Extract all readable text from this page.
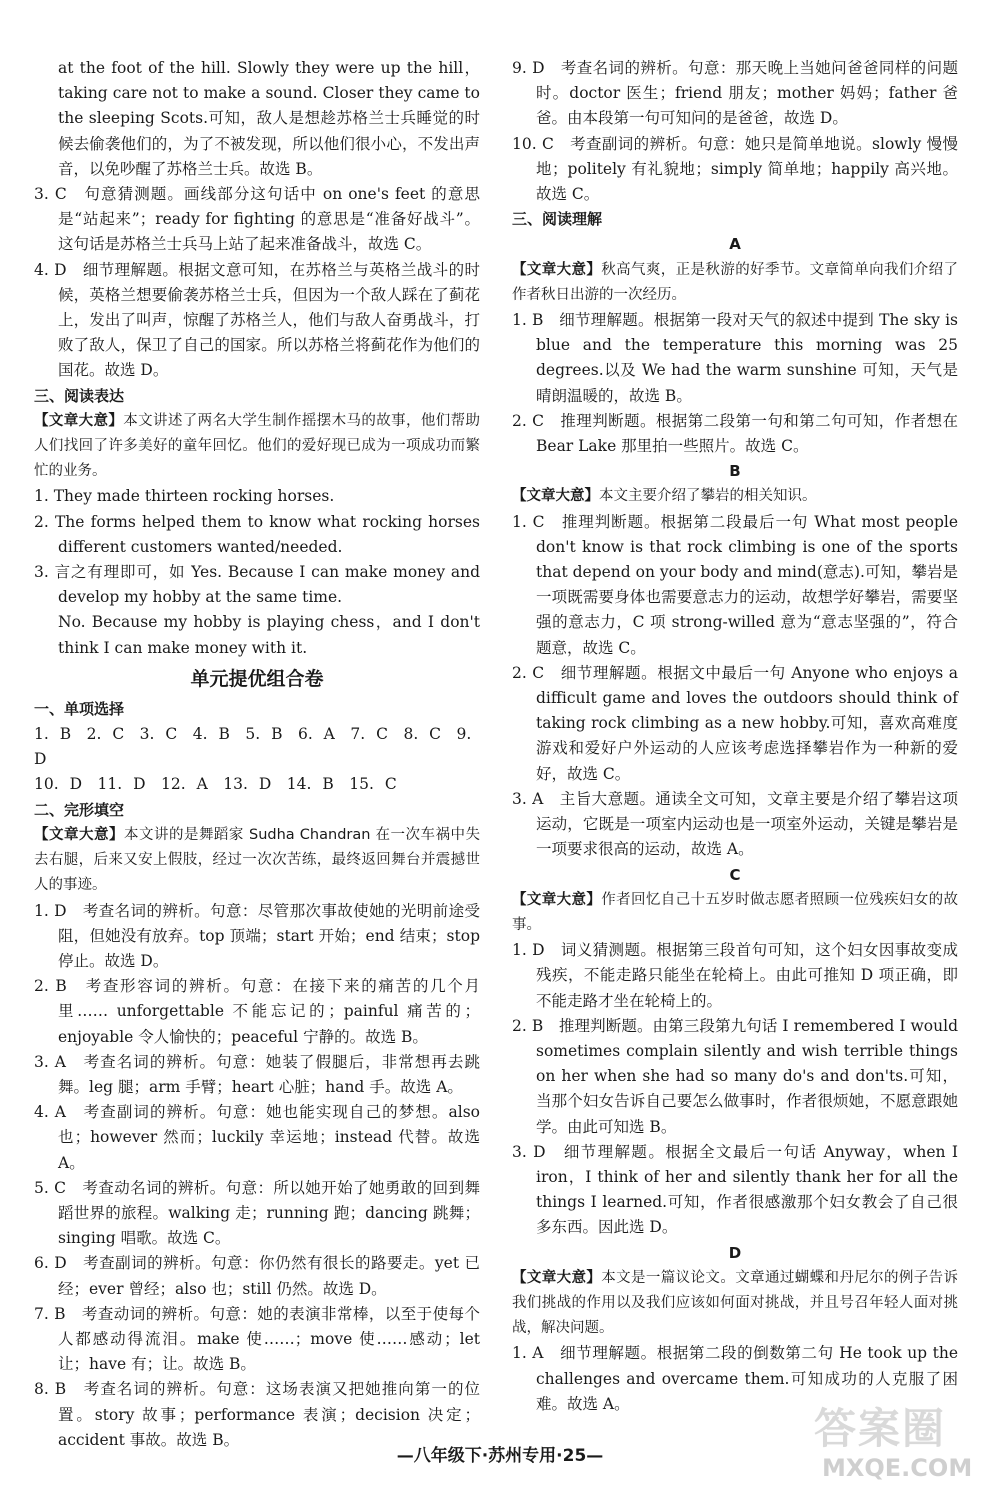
at the foot of the hill. Slowly they were up the hill，taking care not to make a sound. Closer they came to the sleeping Scots.可知，敌人是想趁苏格兰士兵睡觉的时候去偷袭他们的，为了不被发现，所以他们很小心，不发出声音，以免吵醒了苏格兰士兵。故选 B。

3. C　句意猜测题。画线部分这句话中 on one's feet 的意思是“站起来”；ready for fighting 的意思是“准备好战斗”。这句话是苏格兰士兵马上站了起来准备战斗，故选 C。

4. D　细节理解题。根据文意可知，在苏格兰与英格兰战斗的时候，英格兰想要偷袭苏格兰士兵，但因为一个敌人踩在了蓟花上，发出了叫声，惊醒了苏格兰人，他们与敌人奋勇战斗，打败了敌人，保卫了自己的国家。所以苏格兰将蓟花作为他们的国花。故选 D。

三、阅读表达

【文章大意】本文讲述了两名大学生制作摇摆木马的故事，他们帮助人们找回了许多美好的童年回忆。他们的爱好现已成为一项成功而繁忙的业务。

1. They made thirteen rocking horses.

2. The forms helped them to know what rocking horses different customers wanted/needed.

3. 言之有理即可，如 Yes. Because I can make money and develop my hobby at the same time.

No. Because my hobby is playing chess，and I don't think I can make money with it.

单元提优组合卷

一、单项选择

1. B　2. C　3. C　4. B　5. B　6. A　7. C　8. C　9. D

10. D　11. D　12. A　13. D　14. B　15. C

二、完形填空

【文章大意】本文讲的是舞蹈家 Sudha Chandran 在一次车祸中失去右腿，后来又安上假肢，经过一次次苦练，最终返回舞台并震撼世人的事迹。

1. D　考查名词的辨析。句意：尽管那次事故使她的光明前途受阻，但她没有放弃。top 顶端；start 开始；end 结束；stop 停止。故选 D。

2. B　考查形容词的辨析。句意：在接下来的痛苦的几个月里…… unforgettable 不能忘记的；painful 痛苦的；enjoyable 令人愉快的；peaceful 宁静的。故选 B。

3. A　考查名词的辨析。句意：她装了假腿后，非常想再去跳舞。leg 腿；arm 手臂；heart 心脏；hand 手。故选 A。

4. A　考查副词的辨析。句意：她也能实现自己的梦想。also 也；however 然而；luckily 幸运地；instead 代替。故选 A。

5. C　考查动名词的辨析。句意：所以她开始了她勇敢的回到舞蹈世界的旅程。walking 走；running 跑；dancing 跳舞；singing 唱歌。故选 C。

6. D　考查副词的辨析。句意：你仍然有很长的路要走。yet 已经；ever 曾经；also 也；still 仍然。故选 D。

7. B　考查动词的辨析。句意：她的表演非常棒，以至于使每个人都感动得流泪。make 使……；move 使……感动；let 让；have 有；让。故选 B。

8. B　考查名词的辨析。句意：这场表演又把她推向第一的位置。story 故事；performance 表演；decision 决定；accident 事故。故选 B。

9. D　考查名词的辨析。句意：那天晚上当她问爸爸同样的问题时。doctor 医生；friend 朋友；mother 妈妈；father 爸爸。由本段第一句可知问的是爸爸，故选 D。

10. C　考查副词的辨析。句意：她只是简单地说。slowly 慢慢地；politely 有礼貌地；simply 简单地；happily 高兴地。故选 C。

三、阅读理解

A

【文章大意】秋高气爽，正是秋游的好季节。文章简单向我们介绍了作者秋日出游的一次经历。

1. B　细节理解题。根据第一段对天气的叙述中提到 The sky is blue and the temperature this morning was 25 degrees.以及 We had the warm sunshine 可知，天气是晴朗温暖的，故选 B。

2. C　推理判断题。根据第二段第一句和第二句可知，作者想在 Bear Lake 那里拍一些照片。故选 C。

B

【文章大意】本文主要介绍了攀岩的相关知识。

1. C　推理判断题。根据第二段最后一句 What most people don't know is that rock climbing is one of the sports that depend on your body and mind(意志).可知，攀岩是一项既需要身体也需要意志力的运动，故想学好攀岩，需要坚强的意志力，C 项 strong-willed 意为“意志坚强的”，符合题意，故选 C。

2. C　细节理解题。根据文中最后一句 Anyone who enjoys a difficult game and loves the outdoors should think of taking rock climbing as a new hobby.可知，喜欢高难度游戏和爱好户外运动的人应该考虑选择攀岩作为一种新的爱好，故选 C。

3. A　主旨大意题。通读全文可知，文章主要是介绍了攀岩这项运动，它既是一项室内运动也是一项室外运动，关键是攀岩是一项要求很高的运动，故选 A。

C

【文章大意】作者回忆自己十五岁时做志愿者照顾一位残疾妇女的故事。

1. D　词义猜测题。根据第三段首句可知，这个妇女因事故变成残疾，不能走路只能坐在轮椅上。由此可推知 D 项正确，即不能走路才坐在轮椅上的。

2. B　推理判断题。由第三段第九句话 I remembered I would sometimes complain silently and wish terrible things on her when she had so many do's and don'ts.可知，当那个妇女告诉自己要怎么做事时，作者很烦她，不愿意跟她学。由此可知选 B。

3. D　细节理解题。根据全文最后一句话 Anyway，when I iron，I think of her and silently thank her for all the things I learned.可知，作者很感激那个妇女教会了自己很多东西。因此选 D。

D

【文章大意】本文是一篇议论文。文章通过蝴蝶和丹尼尔的例子告诉我们挑战的作用以及我们应该如何面对挑战，并且号召年轻人面对挑战，解决问题。

1. A　细节理解题。根据第二段的倒数第二句 He took up the challenges and overcame them.可知成功的人克服了困难。故选 A。

—八年级下·苏州专用·25—
答案圈
MXQE.COM
